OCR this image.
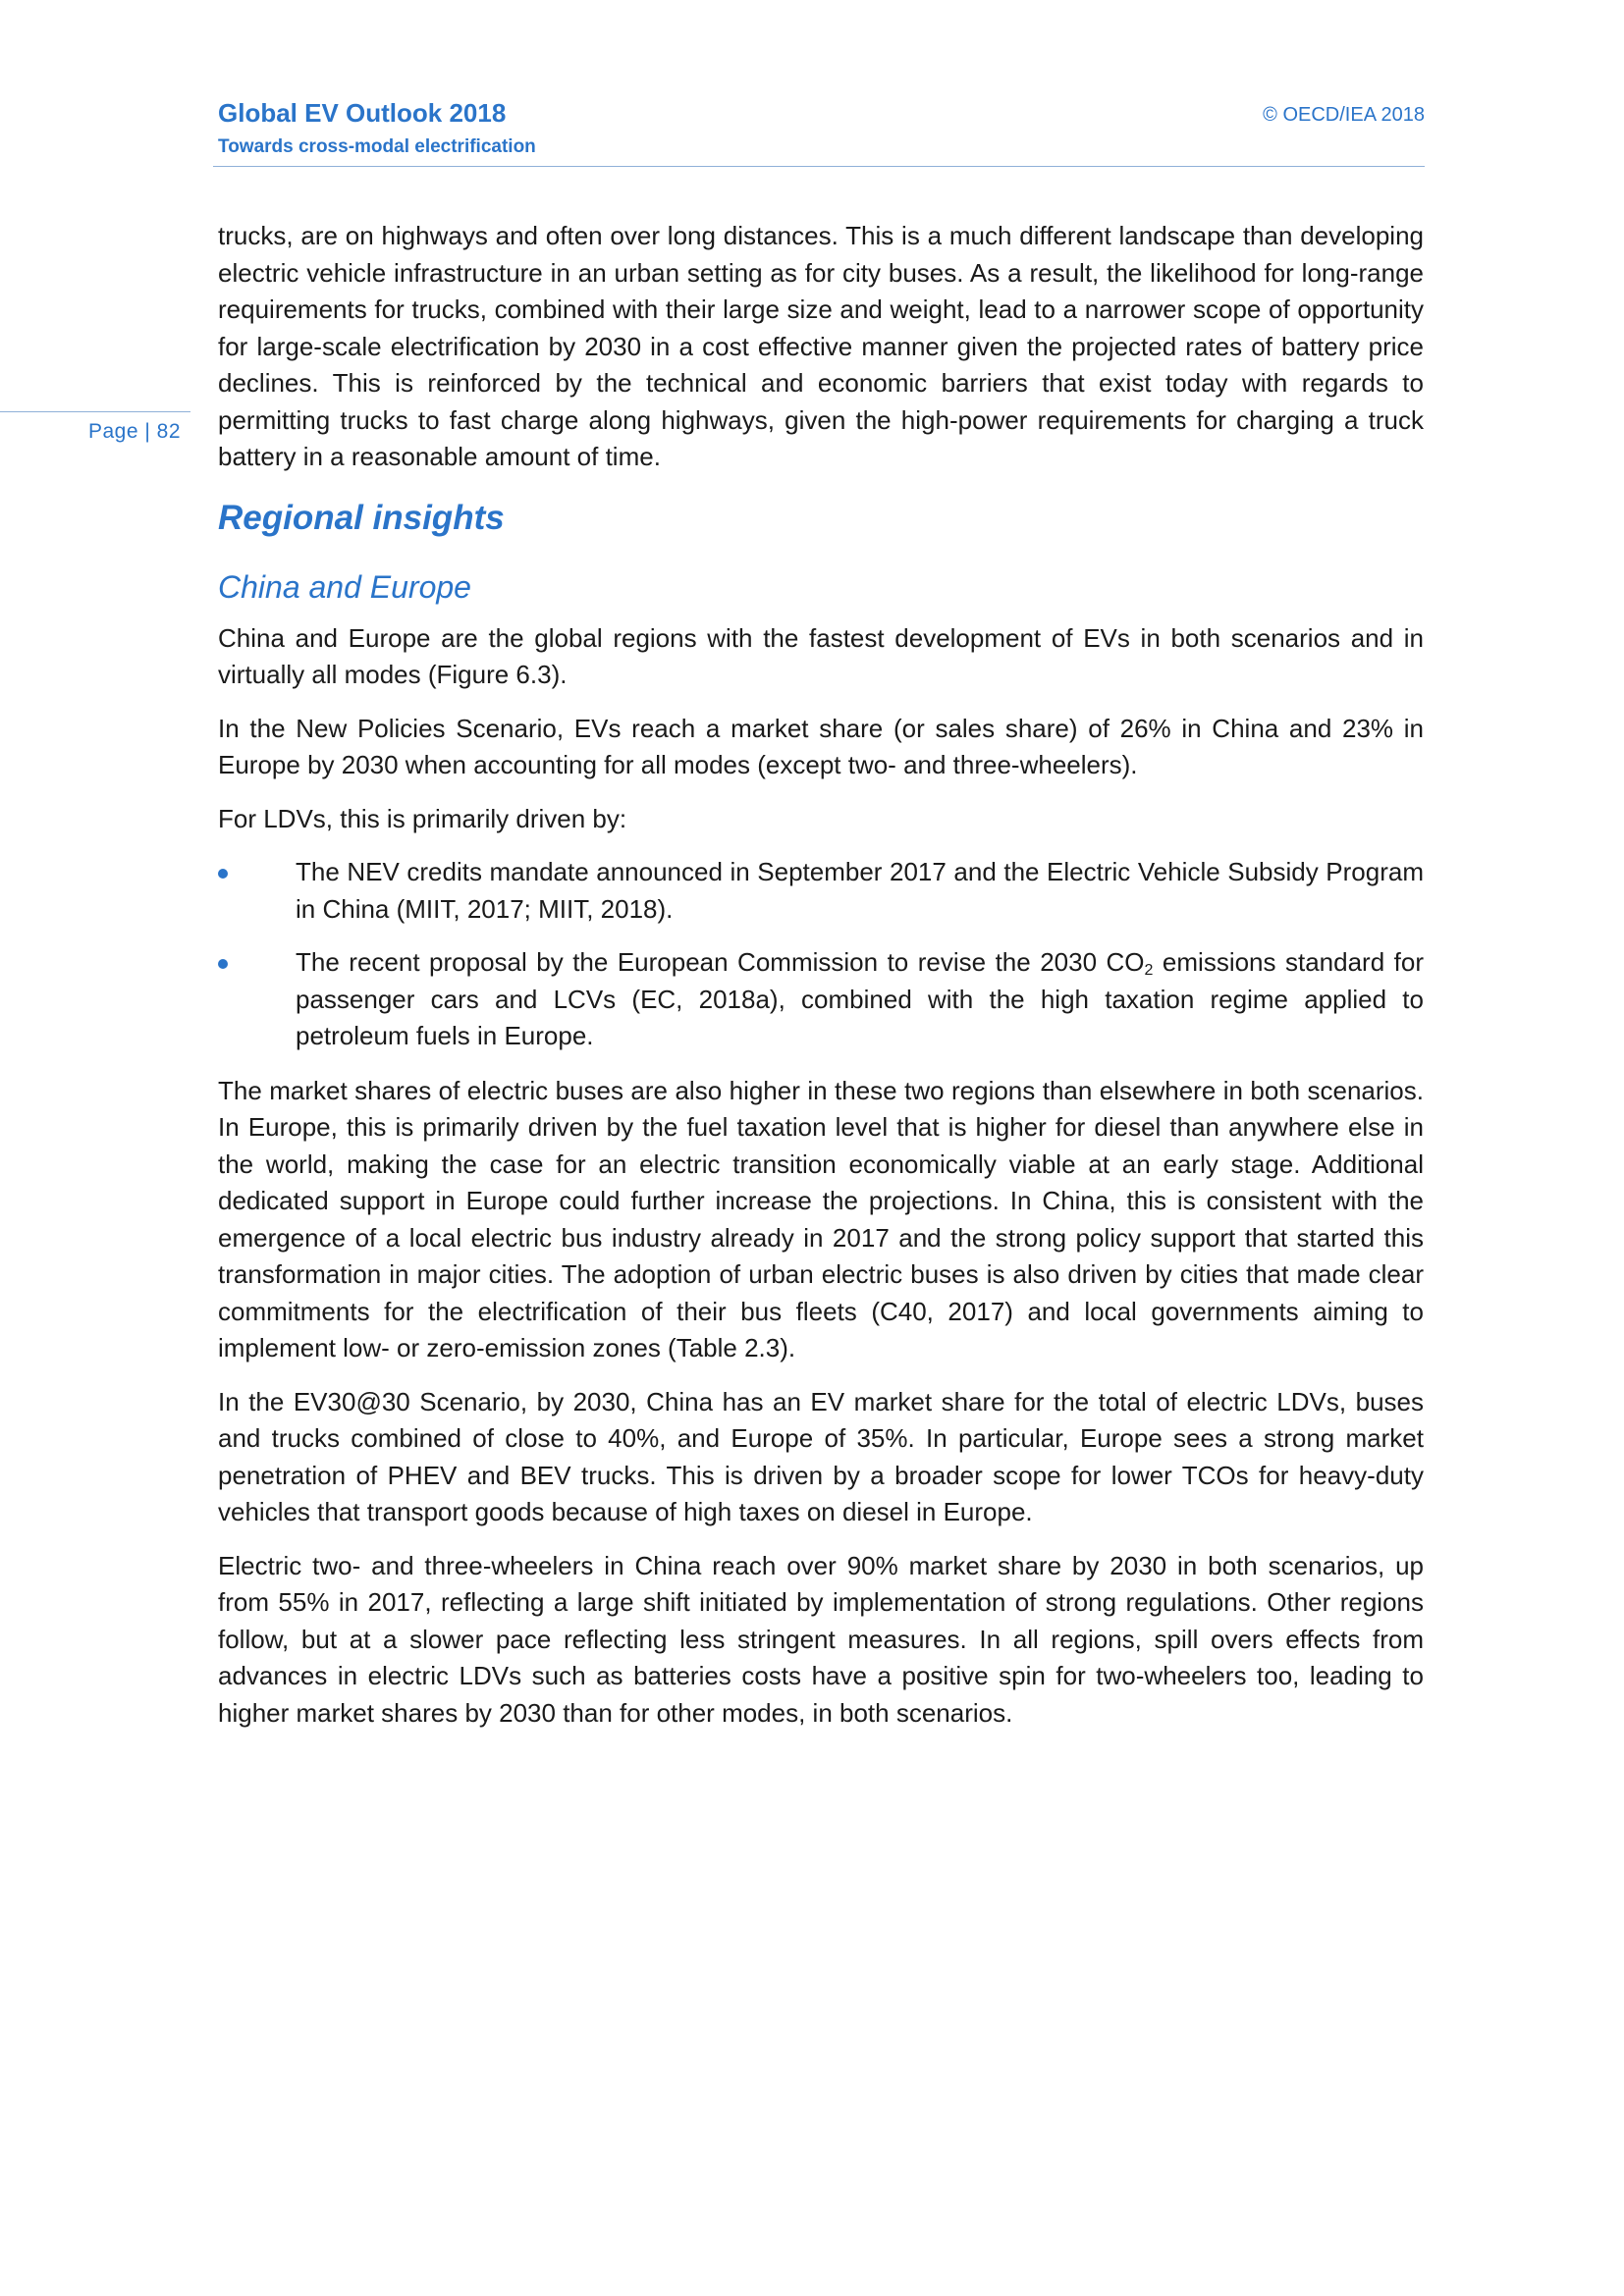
Global EV Outlook 2018
Towards cross-modal electrification
© OECD/IEA 2018
Page | 82

trucks, are on highways and often over long distances. This is a much different landscape than developing electric vehicle infrastructure in an urban setting as for city buses. As a result, the likelihood for long-range requirements for trucks, combined with their large size and weight, lead to a narrower scope of opportunity for large-scale electrification by 2030 in a cost effective manner given the projected rates of battery price declines. This is reinforced by the technical and economic barriers that exist today with regards to permitting trucks to fast charge along highways, given the high-power requirements for charging a truck battery in a reasonable amount of time.

Regional insights
China and Europe

China and Europe are the global regions with the fastest development of EVs in both scenarios and in virtually all modes (Figure 6.3).

In the New Policies Scenario, EVs reach a market share (or sales share) of 26% in China and 23% in Europe by 2030 when accounting for all modes (except two- and three-wheelers).

For LDVs, this is primarily driven by:

The NEV credits mandate announced in September 2017 and the Electric Vehicle Subsidy Program in China (MIIT, 2017; MIIT, 2018).
The recent proposal by the European Commission to revise the 2030 $CO_2$ emissions standard for passenger cars and LCVs (EC, 2018a), combined with the high taxation regime applied to petroleum fuels in Europe.

The market shares of electric buses are also higher in these two regions than elsewhere in both scenarios. In Europe, this is primarily driven by the fuel taxation level that is higher for diesel than anywhere else in the world, making the case for an electric transition economically viable at an early stage. Additional dedicated support in Europe could further increase the projections. In China, this is consistent with the emergence of a local electric bus industry already in 2017 and the strong policy support that started this transformation in major cities. The adoption of urban electric buses is also driven by cities that made clear commitments for the electrification of their bus fleets (C40, 2017) and local governments aiming to implement low- or zero-emission zones (Table 2.3).

In the EV30@30 Scenario, by 2030, China has an EV market share for the total of electric LDVs, buses and trucks combined of close to 40%, and Europe of 35%. In particular, Europe sees a strong market penetration of PHEV and BEV trucks. This is driven by a broader scope for lower TCOs for heavy-duty vehicles that transport goods because of high taxes on diesel in Europe.

Electric two- and three-wheelers in China reach over 90% market share by 2030 in both scenarios, up from 55% in 2017, reflecting a large shift initiated by implementation of strong regulations. Other regions follow, but at a slower pace reflecting less stringent measures. In all regions, spill overs effects from advances in electric LDVs such as batteries costs have a positive spin for two-wheelers too, leading to higher market shares by 2030 than for other modes, in both scenarios.
